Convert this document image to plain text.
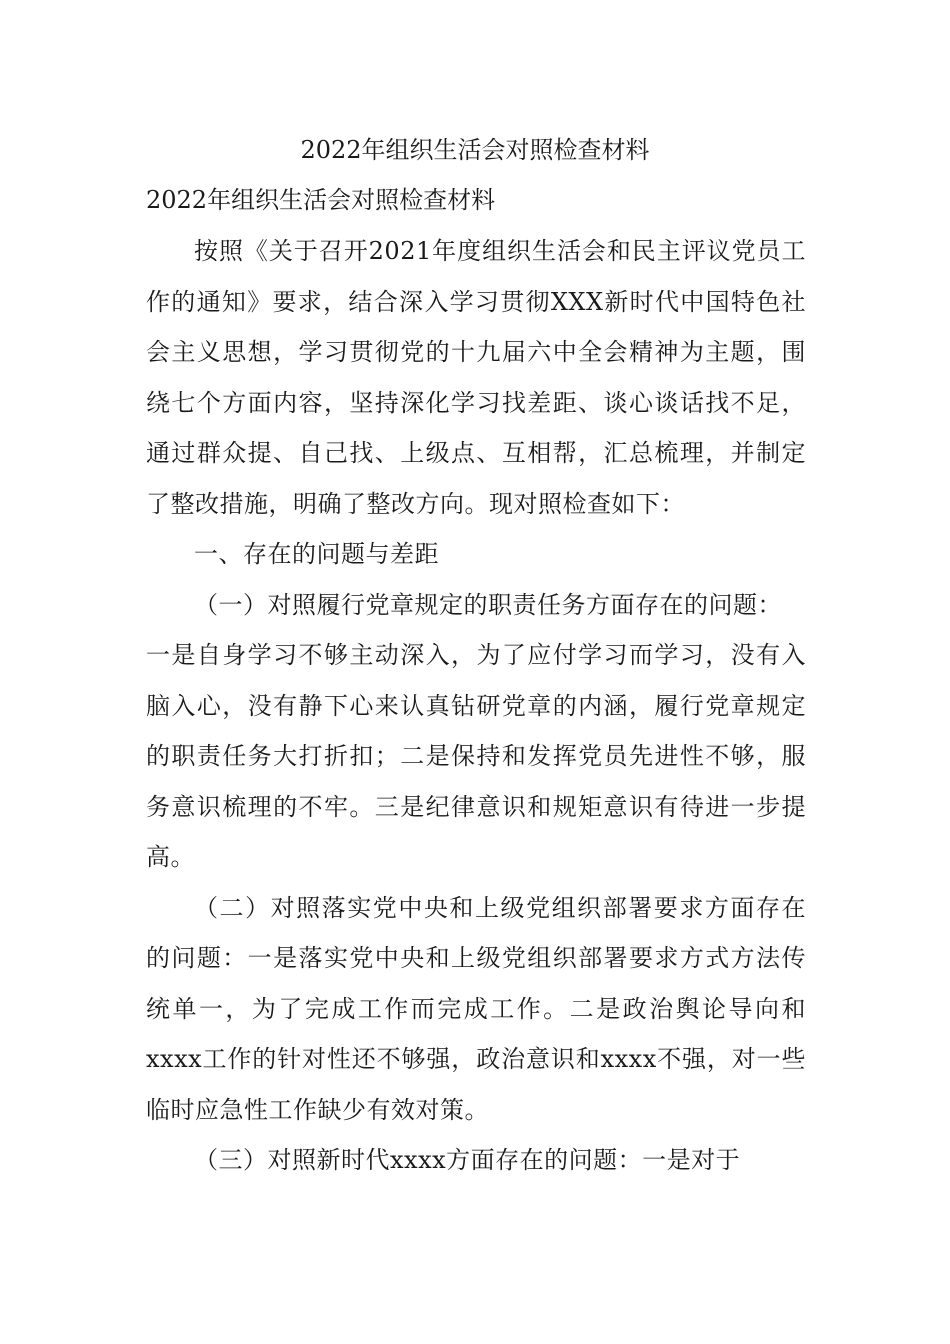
2022年组织生活会对照检查材料

2022年组织生活会对照检查材料

按照《关于召开2021年度组织生活会和民主评议党员工作的通知》要求，结合深入学习贯彻XXX新时代中国特色社会主义思想，学习贯彻党的十九届六中全会精神为主题，围绕七个方面内容，坚持深化学习找差距、谈心谈话找不足，通过群众提、自己找、上级点、互相帮，汇总梳理，并制定了整改措施，明确了整改方向。现对照检查如下：

一、存在的问题与差距

（一）对照履行党章规定的职责任务方面存在的问题：

一是自身学习不够主动深入，为了应付学习而学习，没有入脑入心，没有静下心来认真钻研党章的内涵，履行党章规定的职责任务大打折扣；二是保持和发挥党员先进性不够，服务意识梳理的不牢。三是纪律意识和规矩意识有待进一步提高。

（二）对照落实党中央和上级党组织部署要求方面存在的问题：一是落实党中央和上级党组织部署要求方式方法传统单一，为了完成工作而完成工作。二是政治舆论导向和xxxx工作的针对性还不够强，政治意识和xxxx不强，对一些临时应急性工作缺少有效对策。

（三）对照新时代xxxx方面存在的问题：一是对于
